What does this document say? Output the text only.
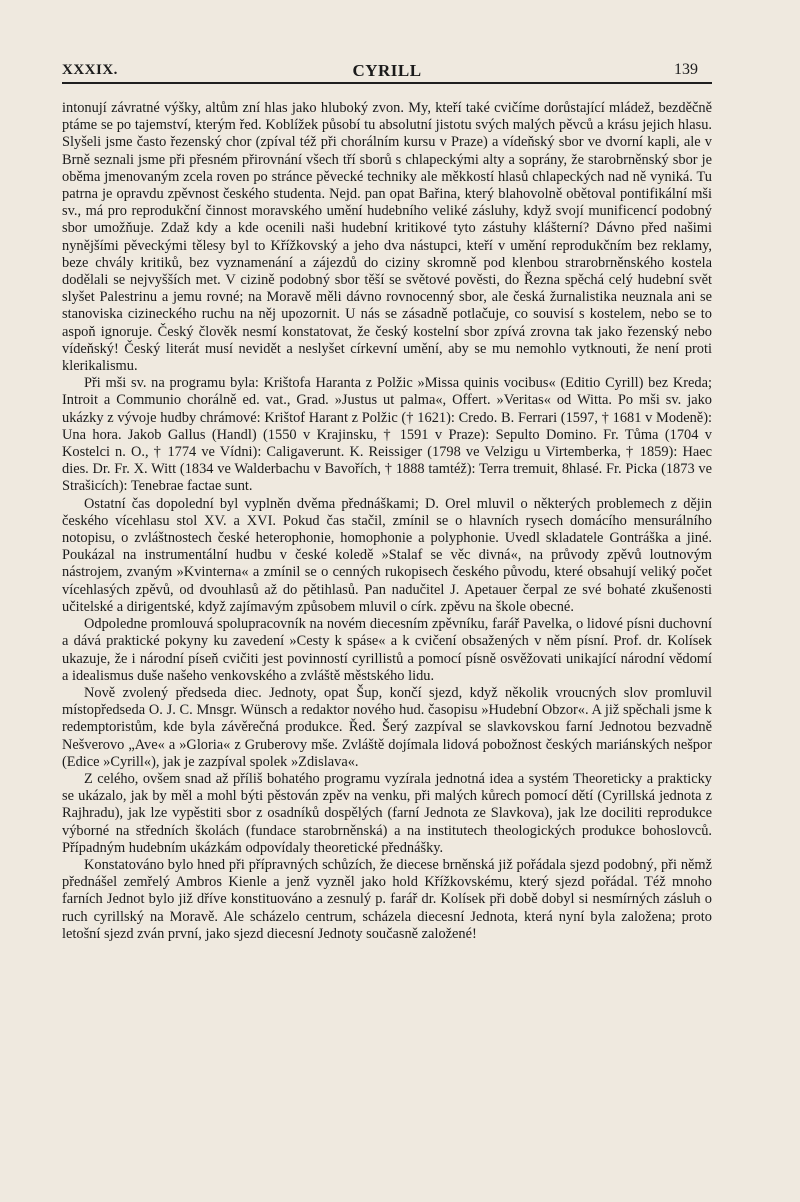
XXXIX.	CYRILL	139

intonují závratné výšky, altům zní hlas jako hluboký zvon. My, kteří také cvičíme dorůstající mládež, bezděčně ptáme se po tajemství, kterým řed. Koblížek působí tu absolutní jistotu svých malých pěvců a krásu jejich hlasu. Slyšeli jsme často řezenský chor (zpíval též při chorálním kursu v Praze) a vídeňský sbor ve dvorní kapli, ale v Brně seznali jsme při přesném přirovnání všech tří sborů s chlapeckými alty a soprány, že starobrněnský sbor je oběma jmenovaným zcela roven po stránce pěvecké techniky ale měkkostí hlasů chlapeckých nad ně vyniká. Tu patrna je opravdu zpěvnost českého studenta. Nejd. pan opat Bařina, který blahovolně obětoval pontifikální mši sv., má pro reprodukční činnost moravského umění hudebního veliké zásluhy, když svojí munificencí podobný sbor umožňuje. Zdaž kdy a kde ocenili naši hudební kritikové tyto zástuhy klášterní? Dávno před našimi nynějšími pěveckými tělesy byl to Křížkovský a jeho dva nástupci, kteří v umění reprodukčním bez reklamy, beze chvály kritiků, bez vyznamenání a zájezdů do ciziny skromně pod klenbou strarobrněnského kostela dodělali se nejvyšších met. V cizině podobný sbor těší se světové pověsti, do Řezna spěchá celý hudební svět slyšet Palestrinu a jemu rovné; na Moravě měli dávno rovnocenný sbor, ale česká žurnalistika neuznala ani se stanoviska cizineckého ruchu na něj upozornit. U nás se zásadně potlačuje, co souvisí s kostelem, nebo se to aspoň ignoruje. Český člověk nesmí konstatovat, že český kostelní sbor zpívá zrovna tak jako řezenský nebo vídeňský! Český literát musí nevidět a neslyšet církevní umění, aby se mu nemohlo vytknouti, že není proti klerikalismu.

Při mši sv. na programu byla: Krištofa Haranta z Polžic »Missa quinis vocibus« (Editio Cyrill) bez Kreda; Introit a Communio chorálně ed. vat., Grad. »Justus ut palma«, Offert. »Veritas« od Witta. Po mši sv. jako ukázky z vývoje hudby chrámové: Krištof Harant z Polžic († 1621): Credo. B. Ferrari (1597, † 1681 v Modeně): Una hora. Jakob Gallus (Handl) (1550 v Krajinsku, † 1591 v Praze): Sepulto Domino. Fr. Tůma (1704 v Kostelci n. O., † 1774 ve Vídni): Caligaverunt. K. Reissiger (1798 ve Velzigu u Virtemberka, † 1859): Haec dies. Dr. Fr. X. Witt (1834 ve Walderbachu v Bavořích, † 1888 tamtéž): Terra tremuit, 8hlasé. Fr. Picka (1873 ve Strašicích): Tenebrae factae sunt.

Ostatní čas dopolední byl vyplněn dvěma přednáškami; D. Orel mluvil o některých problemech z dějin českého vícehlasu stol XV. a XVI. Pokud čas stačil, zmínil se o hlavních rysech domácího mensurálního notopisu, o zvláštnostech české heterophonie, homophonie a polyphonie. Uvedl skladatele Gontráška a jiné. Poukázal na instrumentální hudbu v české koledě »Stalaf se věc divná«, na průvody zpěvů loutnovým nástrojem, zvaným »Kvinterna« a zmínil se o cenných rukopisech českého původu, které obsahují veliký počet vícehlasých zpěvů, od dvouhlasů až do pětihlasů. Pan nadučitel J. Apetauer čerpal ze své bohaté zkušenosti učitelské a dirigentské, když zajímavým způsobem mluvil o círk. zpěvu na škole obecné.

Odpoledne promlouvá spolupracovník na novém diecesním zpěvníku, farář Pavelka, o lidové písni duchovní a dává praktické pokyny ku zavedení »Cesty k spáse« a k cvičení obsažených v něm písní. Prof. dr. Kolísek ukazuje, že i národní píseň cvičiti jest povinností cyrillistů a pomocí písně osvěžovati unikající národní vědomí a idealismus duše našeho venkovského a zvláště městského lidu.

Nově zvolený předseda diec. Jednoty, opat Šup, končí sjezd, když několik vroucných slov promluvil místopředseda O. J. C. Mnsgr. Wünsch a redaktor nového hud. časopisu »Hudební Obzor«. A již spěchali jsme k redemptoristům, kde byla závěrečná produkce. Řed. Šerý zazpíval se slavkovskou farní Jednotou bezvadně Nešverovo „Ave« a »Gloria« z Gruberovy mše. Zvláště dojímala lidová pobožnost českých mariánských nešpor (Edice »Cyrill«), jak je zazpíval spolek »Zdislava«.

Z celého, ovšem snad až příliš bohatého programu vyzírala jednotná idea a systém Theoreticky a prakticky se ukázalo, jak by měl a mohl býti pěstován zpěv na venku, při malých kůrech pomocí dětí (Cyrillská jednota z Rajhradu), jak lze vypěstiti sbor z osadníků dospělých (farní Jednota ze Slavkova), jak lze dociliti reprodukce výborné na středních školách (fundace starobrněnská) a na institutech theologických produkce bohoslovců. Případným hudebním ukázkám odpovídaly theoretické přednášky.

Konstatováno bylo hned při přípravných schůzích, že diecese brněnská již pořádala sjezd podobný, při němž přednášel zemřelý Ambros Kienle a jenž vyzněl jako hold Křížkovskému, který sjezd pořádal. Též mnoho farních Jednot bylo již dříve konstituováno a zesnulý p. farář dr. Kolísek při době dobyl si nesmírných zásluh o ruch cyrillský na Moravě. Ale scházelo centrum, scházela diecesní Jednota, která nyní byla založena; proto letošní sjezd zván první, jako sjezd diecesní Jednoty současně založené!
